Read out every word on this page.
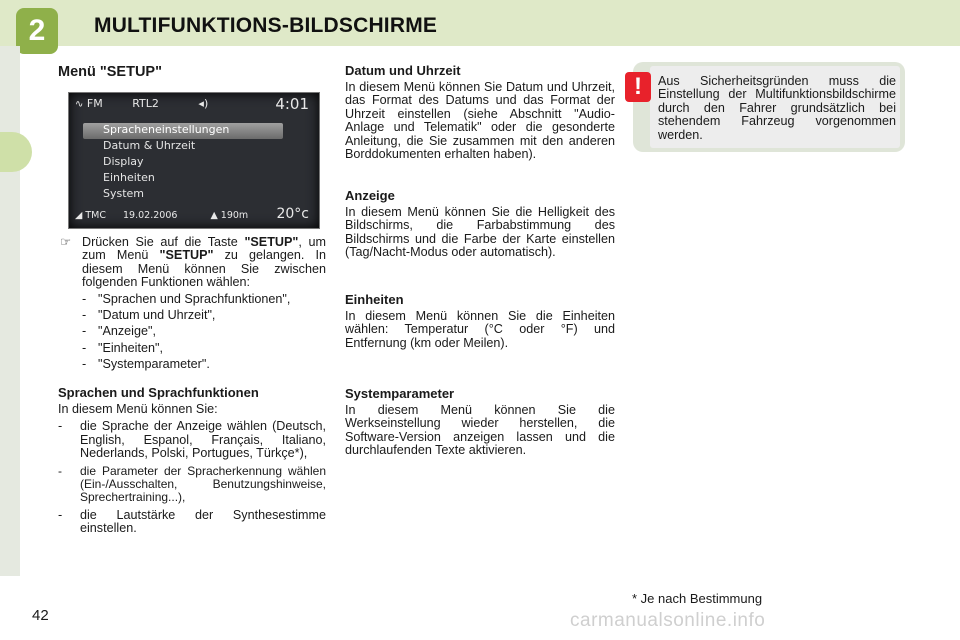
2	MULTIFUNKTIONS-BILDSCHIRME
Menü "SETUP"
∿ FM	RTL2	◂)	4:01
Spracheneinstellungen
Datum & Uhrzeit
Display
Einheiten
System
◢ TMC 19.02.2006	▲ 190m 20°c
☞ Drücken Sie auf die Taste "SETUP", um zum Menü "SETUP" zu gelangen. In diesem Menü können Sie zwischen folgenden Funktionen wählen:
- "Sprachen und Sprachfunktionen",
- "Datum und Uhrzeit",
- "Anzeige",
- "Einheiten",
- "Systemparameter".
Sprachen und Sprachfunktionen
In diesem Menü können Sie:
-	die Sprache der Anzeige wählen (Deutsch, English, Espanol, Français, Italiano, Nederlands, Polski, Portugues, Türkçe*),
-	die Parameter der Spracherkennung wählen (Ein-/Ausschalten, Benutzungshinweise, Sprechertraining...),
-	die Lautstärke der Synthesestimme einstellen.
Datum und Uhrzeit
In diesem Menü können Sie Datum und Uhrzeit, das Format des Datums und das Format der Uhrzeit einstellen (siehe Abschnitt "Audio-Anlage und Telematik" oder die gesonderte Anleitung, die Sie zusammen mit den anderen Borddokumenten erhalten haben).
Anzeige
In diesem Menü können Sie die Helligkeit des Bildschirms, die Farbabstimmung des Bildschirms und die Farbe der Karte einstellen (Tag/Nacht-Modus oder automatisch).
Einheiten
In diesem Menü können Sie die Einheiten wählen: Temperatur (°C oder °F) und Entfernung (km oder Meilen).
Systemparameter
In diesem Menü können Sie die Werkseinstellung wieder herstellen, die Software-Version anzeigen lassen und die durchlaufenden Texte aktivieren.
!	Aus Sicherheitsgründen muss die Einstellung der Multifunktionsbildschirme durch den Fahrer grundsätzlich bei stehendem Fahrzeug vorgenommen werden.
* Je nach Bestimmung
42	carmanualsonline.info
